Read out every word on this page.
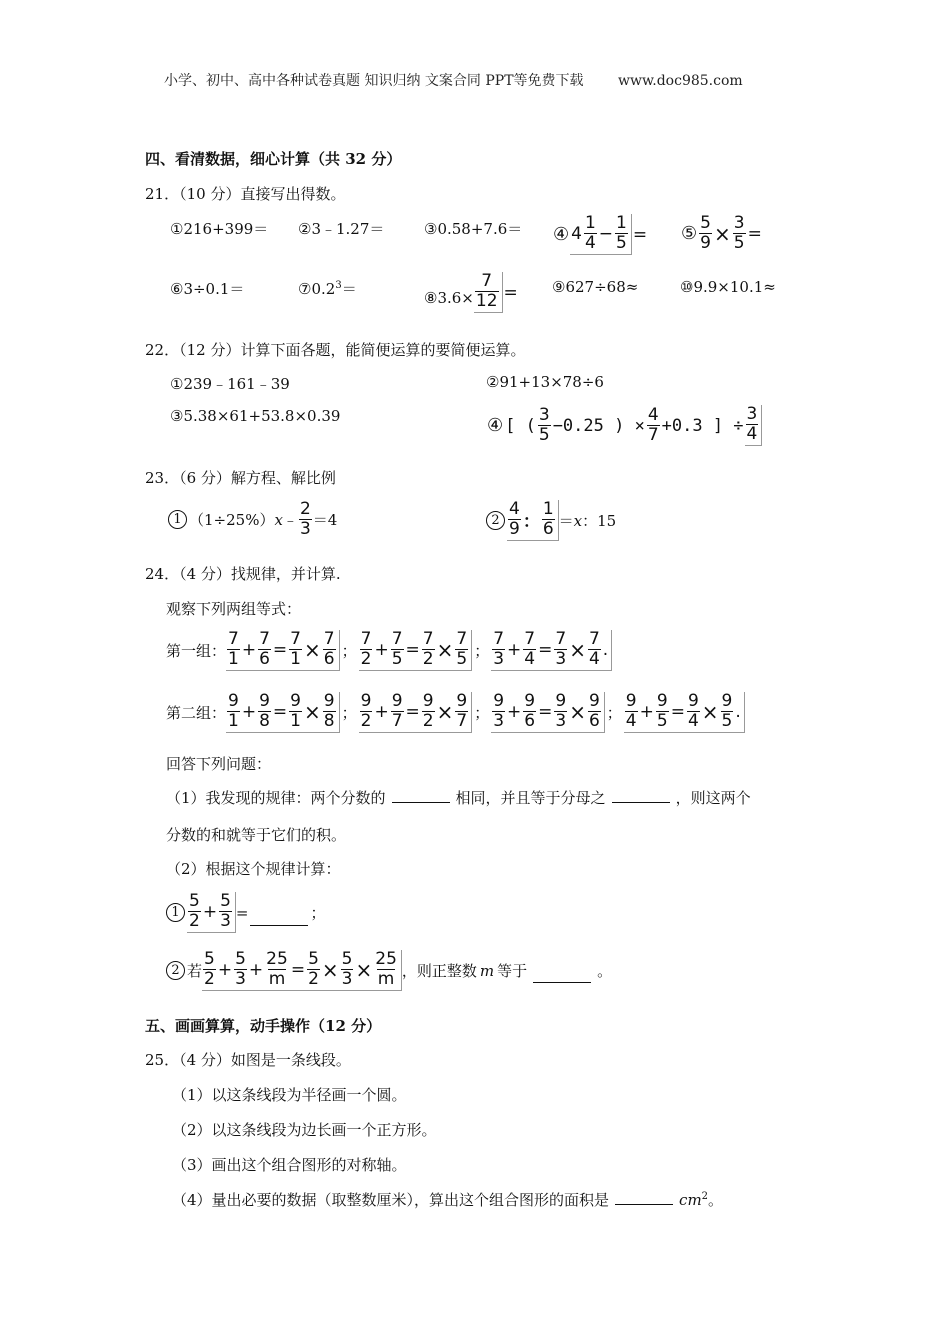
小学、初中、高中各种试卷真题 知识归纳 文案合同 PPT等免费下载 www.doc985.com
四、看清数据，细心计算（共 32 分）
21．（10 分）直接写出得数。
①216+399＝ ②3﹣1.27＝	③0.58+7.6＝ ④ $4 \frac{1}{4} - \frac{1}{5}$ = ⑤ $\frac{5}{9} \times \frac{3}{5}$ =
⑥3÷0.1＝	$⑦0.2^3=$	⑧3.6× $\frac{7}{12}$ = ⑨627÷68≈	⑩9.9×10.1≈
22．（12 分）计算下面各题，能简便运算的要简便运算。
①239﹣161﹣39	②91+13×78÷6
③5.38×61+53.8×0.39	④ [ ( $\frac{3}{5} -0.25$ ) × $\frac{4}{7} +0.3$ ] ÷ $\frac{3}{4}$
23．（6 分）解方程、解比例
1 （1÷25%） x ﹣ $\frac{2}{3} =4$	$2 \frac{4}{9}$ ： $\frac{1}{6} = x$ ：15
24．（4 分）找规律，并计算.
观察下列两组等式：
第一组： $\frac{7}{1} + \frac{7}{6} = \frac{7}{1} \times \frac{7}{6}$ ； $\frac{7}{2} + \frac{7}{5} = \frac{7}{2} \times \frac{7}{5}$ ； $\frac{7}{3} + \frac{7}{4} = \frac{7}{3} \times \frac{7}{4}$ .
第二组： $\frac{9}{1} + \frac{9}{8} = \frac{9}{1} \times \frac{9}{8}$ ； $\frac{9}{2} + \frac{9}{7} = \frac{9}{2} \times \frac{9}{7}$ ； $\frac{9}{3} + \frac{9}{6} = \frac{9}{3} \times \frac{9}{6}$ ； $\frac{9}{4} + \frac{9}{5} = \frac{9}{4} \times \frac{9}{5}$ .
回答下列问题：
（1）我发现的规律：两个分数的	相同，并且等于分母之	，则这两个
分数的和就等于它们的积。
（2）根据这个规律计算：
$1 \frac{5}{2} + \frac{5}{3}$ =	；
2 若 $\frac{5}{2} + \frac{5}{3} + \frac{25}{m} = \frac{5}{2} \times \frac{5}{3} \times \frac{25}{m}$ ，则正整数 m 等于	。
五、画画算算，动手操作（12 分）
25．（4 分）如图是一条线段。
（1）以这条线段为半径画一个圆。
（2）以这条线段为边长画一个正方形。
（3）画出这个组合图形的对称轴。
（4）量出必要的数据（取整数厘米），算出这个组合图形的面积是	$cm^2$。
